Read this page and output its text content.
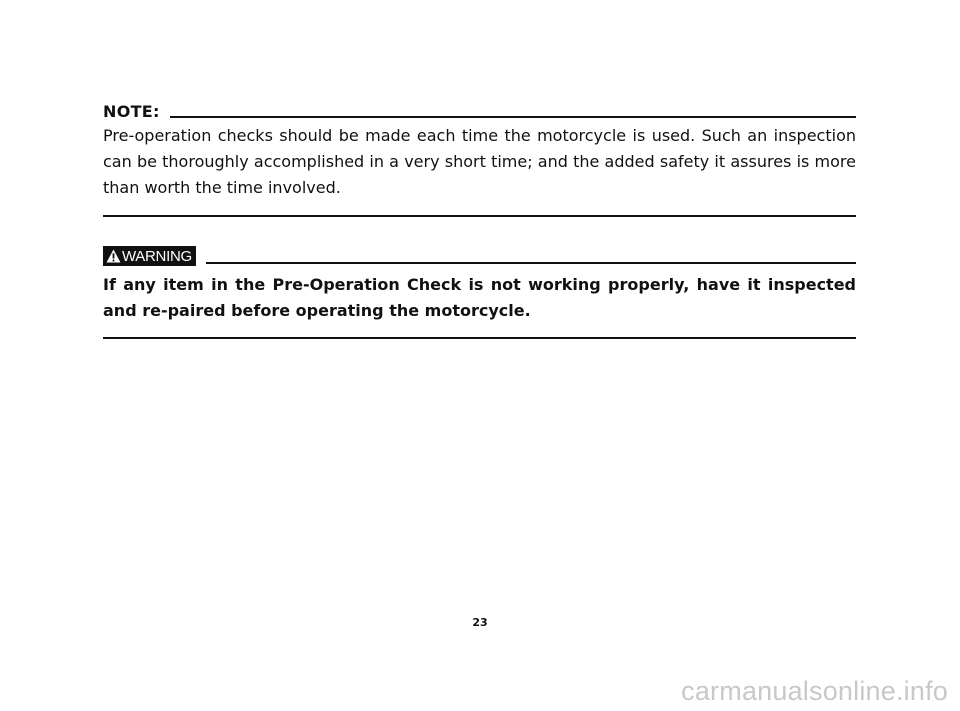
NOTE:

Pre-operation checks should be made each time the motorcycle is used. Such an inspection can be thoroughly accomplished in a very short time; and the added safety it assures is more than worth the time involved.

WARNING

If any item in the Pre-Operation Check is not working properly, have it inspected and re-paired before operating the motorcycle.

23
carmanualsonline.info
